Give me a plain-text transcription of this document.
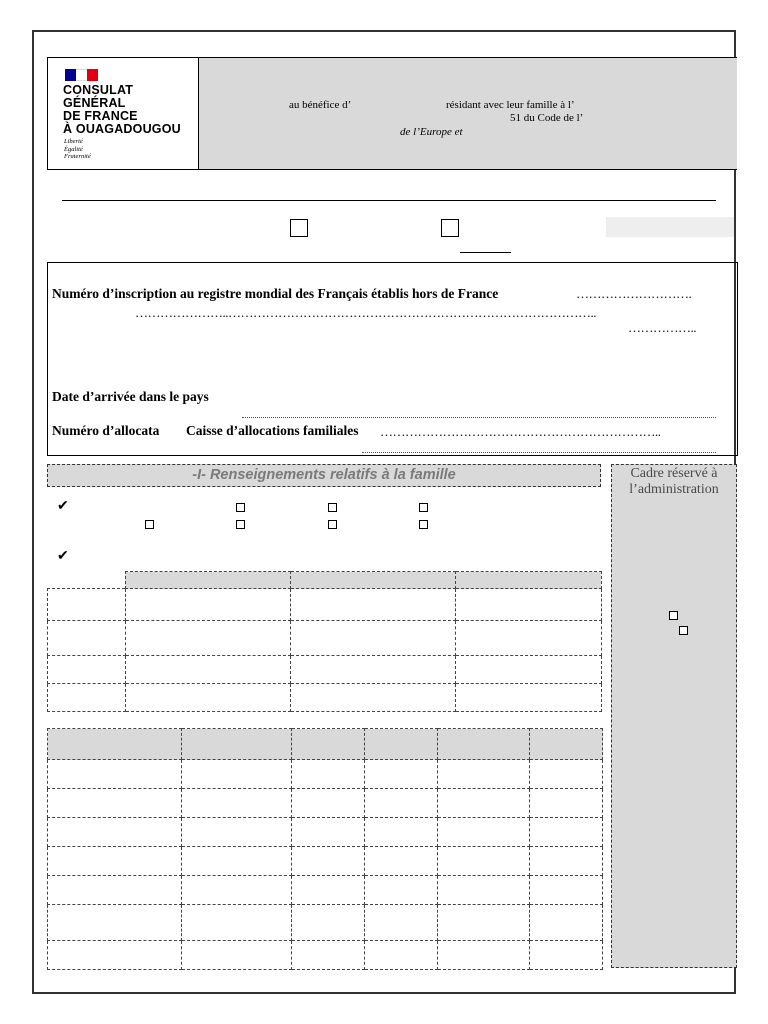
CONSULAT
GÉNÉRAL
DE FRANCE
À OUAGADOUGOU
Liberté
Égalité
Fraternité
au bénéfice d’	résidant avec leur famille à l’
51 du Code de l’
de l’Europe et
Numéro d’inscription au registre mondial des Français établis hors de France	……………………….
…………………..……………………………………………………………………………..
……………..
Date d’arrivée dans le pays
Numéro d’allocata Caisse d’allocations familiales …………………………………………………………..
-I- Renseignements relatifs à la famille	Cadre réservé à l’administration
✔
✔
